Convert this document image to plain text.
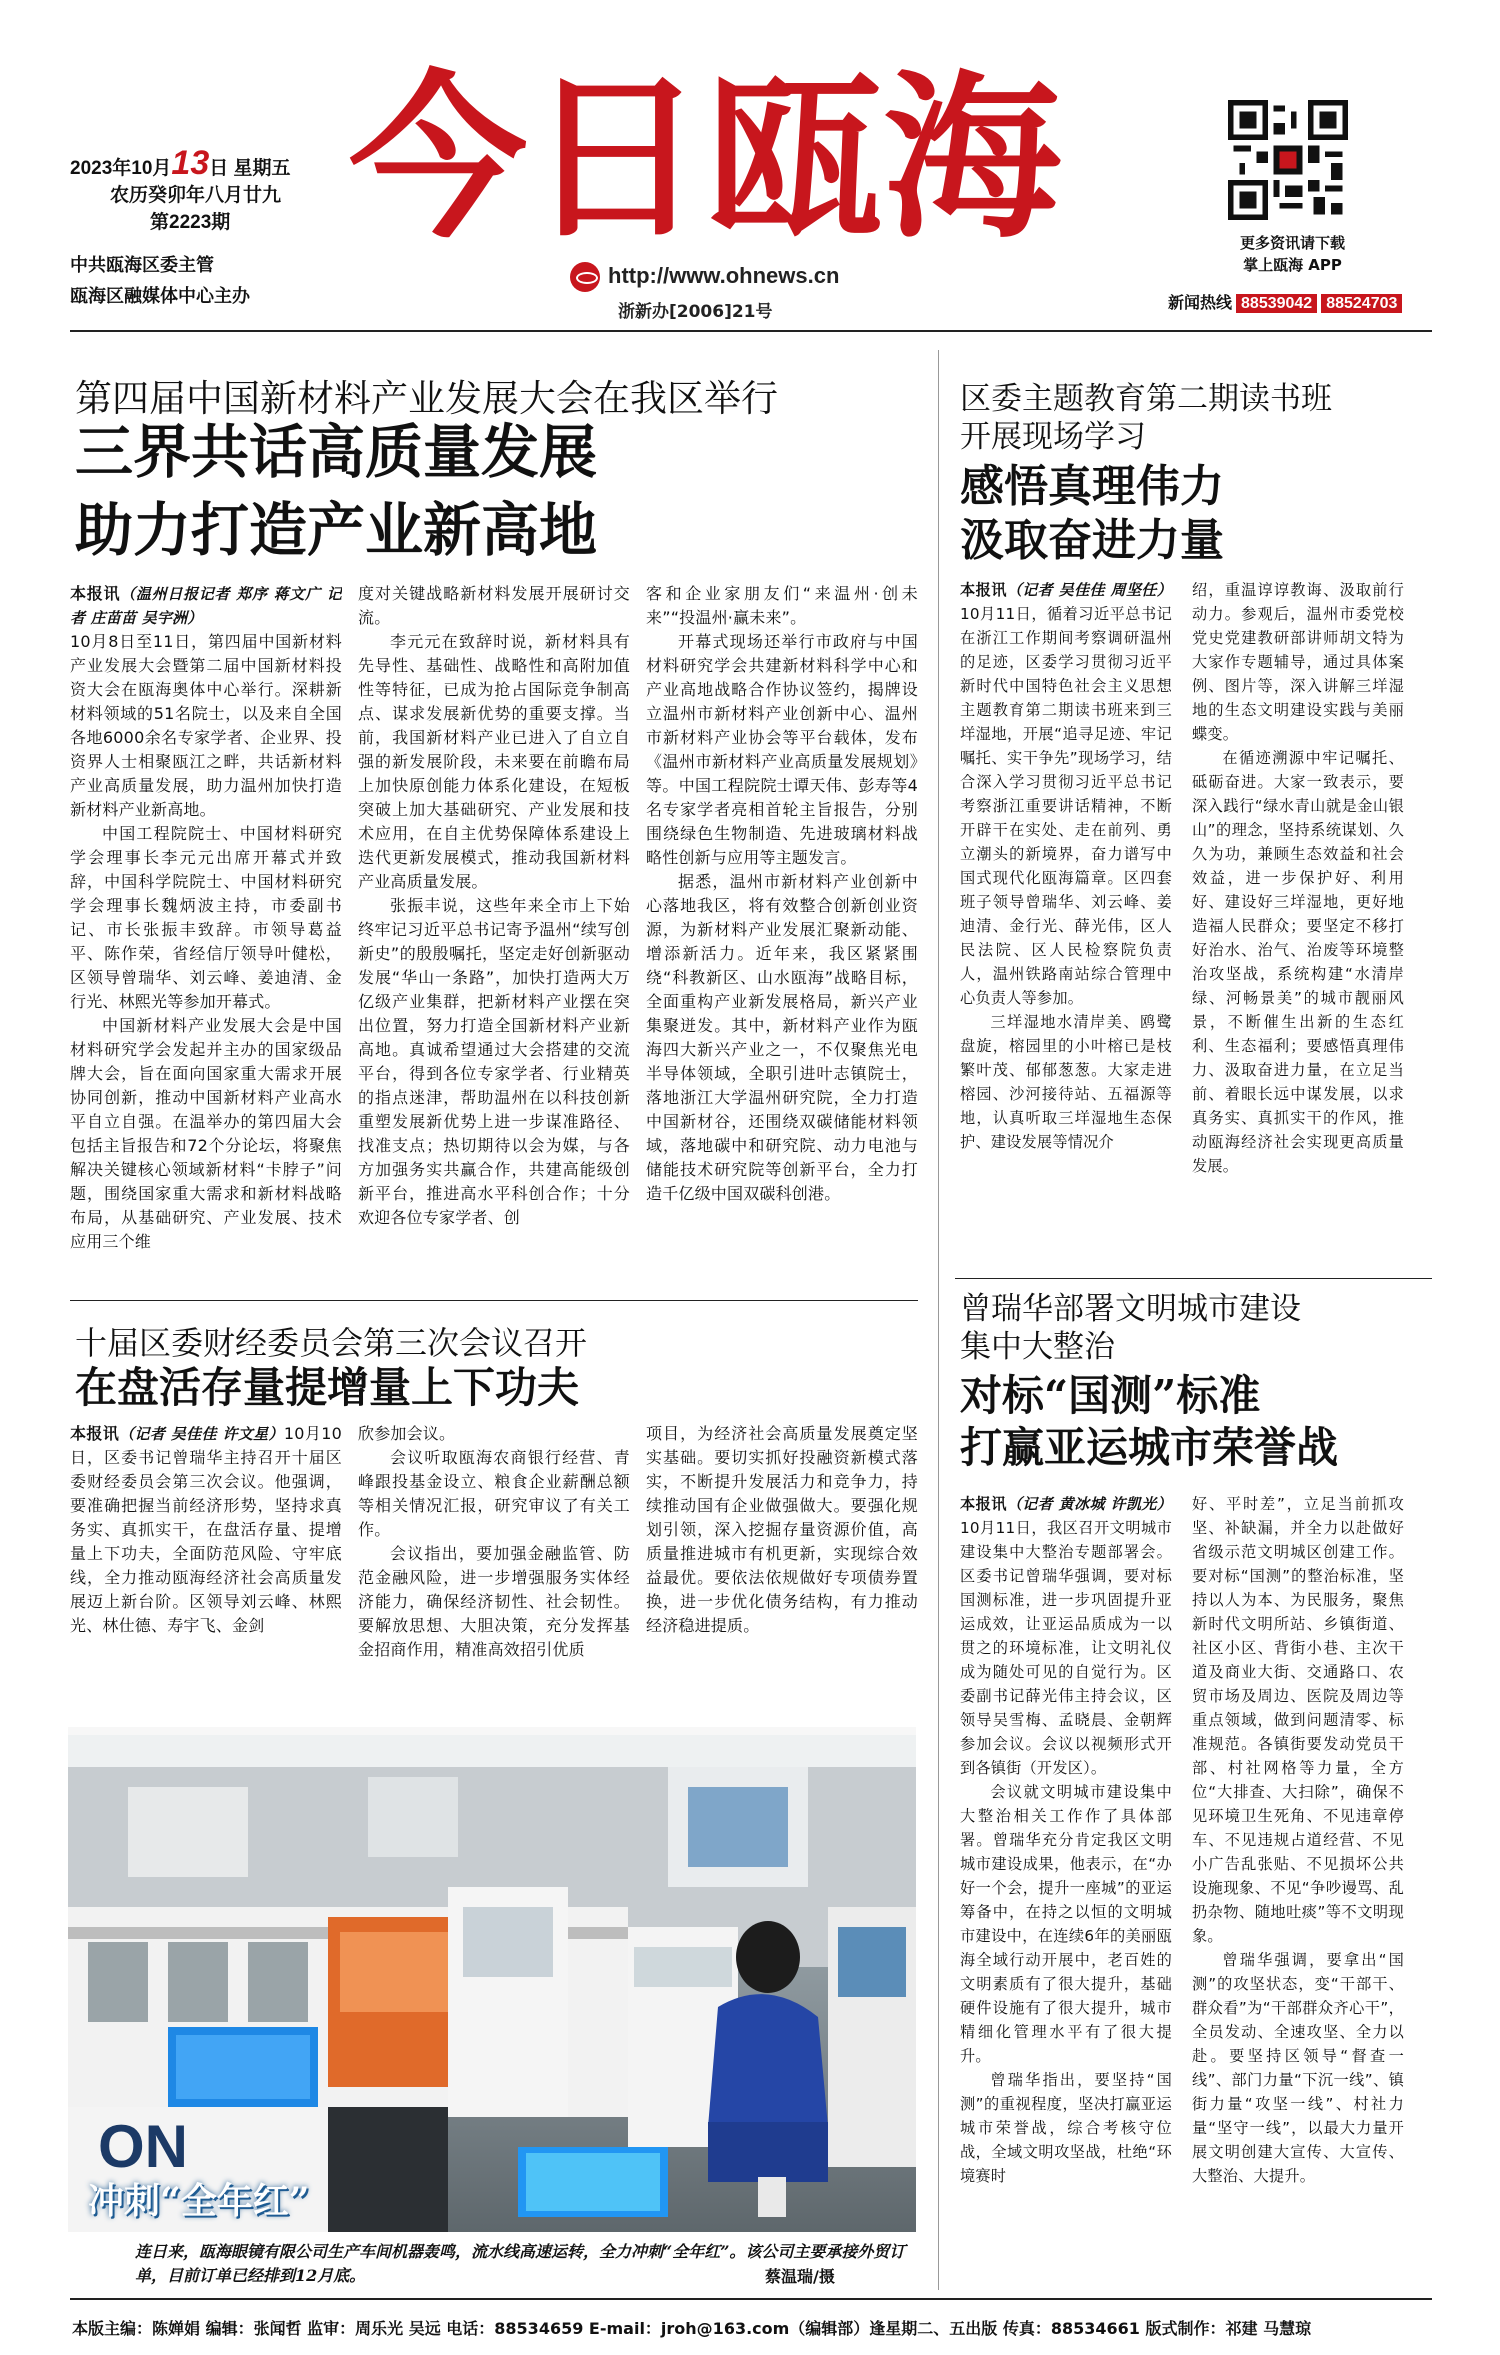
2023年10月13日 星期五
农历癸卯年八月廿九
第2223期
中共瓯海区委主管
瓯海区融媒体中心主办
今日瓯海
http://www.ohnews.cn
浙新办[2006]21号
更多资讯请下载
掌上瓯海 APP
新闻热线 88539042 88524703
第四届中国新材料产业发展大会在我区举行
三界共话高质量发展
助力打造产业新高地

本报讯（温州日报记者 郑序 蒋文广 记者 庄苗苗 吴宇洲）

10月8日至11日，第四届中国新材料产业发展大会暨第二届中国新材料投资大会在瓯海奥体中心举行。深耕新材料领域的51名院士，以及来自全国各地6000余名专家学者、企业界、投资界人士相聚瓯江之畔，共话新材料产业高质量发展，助力温州加快打造新材料产业新高地。

中国工程院院士、中国材料研究学会理事长李元元出席开幕式并致辞，中国科学院院士、中国材料研究学会理事长魏炳波主持，市委副书记、市长张振丰致辞。市领导葛益平、陈作荣，省经信厅领导叶健松，区领导曾瑞华、刘云峰、姜迪清、金行光、林熙光等参加开幕式。

中国新材料产业发展大会是中国材料研究学会发起并主办的国家级品牌大会，旨在面向国家重大需求开展协同创新，推动中国新材料产业高水平自立自强。在温举办的第四届大会包括主旨报告和72个分论坛，将聚焦解决关键核心领域新材料“卡脖子”问题，围绕国家重大需求和新材料战略布局，从基础研究、产业发展、技术应用三个维

度对关键战略新材料发展开展研讨交流。

李元元在致辞时说，新材料具有先导性、基础性、战略性和高附加值性等特征，已成为抢占国际竞争制高点、谋求发展新优势的重要支撑。当前，我国新材料产业已进入了自立自强的新发展阶段，未来要在前瞻布局上加快原创能力体系化建设，在短板突破上加大基础研究、产业发展和技术应用，在自主优势保障体系建设上迭代更新发展模式，推动我国新材料产业高质量发展。

张振丰说，这些年来全市上下始终牢记习近平总书记寄予温州“续写创新史”的殷殷嘱托，坚定走好创新驱动发展“华山一条路”，加快打造两大万亿级产业集群，把新材料产业摆在突出位置，努力打造全国新材料产业新高地。真诚希望通过大会搭建的交流平台，得到各位专家学者、行业精英的指点迷津，帮助温州在以科技创新重塑发展新优势上进一步谋准路径、找准支点；热切期待以会为媒，与各方加强务实共赢合作，共建高能级创新平台，推进高水平科创合作；十分欢迎各位专家学者、创

客和企业家朋友们“来温州·创未来”“投温州·赢未来”。

开幕式现场还举行市政府与中国材料研究学会共建新材料科学中心和产业高地战略合作协议签约，揭牌设立温州市新材料产业创新中心、温州市新材料产业协会等平台载体，发布《温州市新材料产业高质量发展规划》等。中国工程院院士谭天伟、彭寿等4名专家学者亮相首轮主旨报告，分别围绕绿色生物制造、先进玻璃材料战略性创新与应用等主题发言。

据悉，温州市新材料产业创新中心落地我区，将有效整合创新创业资源，为新材料产业发展汇聚新动能、增添新活力。近年来，我区紧紧围绕“科教新区、山水瓯海”战略目标，全面重构产业新发展格局，新兴产业集聚迸发。其中，新材料产业作为瓯海四大新兴产业之一，不仅聚焦光电半导体领域，全职引进叶志镇院士，落地浙江大学温州研究院，全力打造中国新材谷，还围绕双碳储能材料领域，落地碳中和研究院、动力电池与储能技术研究院等创新平台，全力打造千亿级中国双碳科创港。

十届区委财经委员会第三次会议召开
在盘活存量提增量上下功夫

本报讯（记者 吴佳佳 许文星）10月10日，区委书记曾瑞华主持召开十届区委财经委员会第三次会议。他强调，要准确把握当前经济形势，坚持求真务实、真抓实干，在盘活存量、提增量上下功夫，全面防范风险、守牢底线，全力推动瓯海经济社会高质量发展迈上新台阶。区领导刘云峰、林熙光、林仕德、寿宇飞、金剑

欣参加会议。

会议听取瓯海农商银行经营、青峰跟投基金设立、粮食企业薪酬总额等相关情况汇报，研究审议了有关工作。

会议指出，要加强金融监管、防范金融风险，进一步增强服务实体经济能力，确保经济韧性、社会韧性。要解放思想、大胆决策，充分发挥基金招商作用，精准高效招引优质

项目，为经济社会高质量发展奠定坚实基础。要切实抓好投融资新模式落实，不断提升发展活力和竞争力，持续推动国有企业做强做大。要强化规划引领，深入挖掘存量资源价值，高质量推进城市有机更新，实现综合效益最优。要依法依规做好专项债券置换，进一步优化债务结构，有力推动经济稳进提质。

ON
冲刺“全年红”
连日来，瓯海眼镜有限公司生产车间机器轰鸣，流水线高速运转，全力冲刺“全年红”。该公司主要承接外贸订单，目前订单已经排到12月底。	蔡温瑞/摄
区委主题教育第二期读书班
开展现场学习
感悟真理伟力
汲取奋进力量

本报讯（记者 吴佳佳 周坚任）10月11日，循着习近平总书记在浙江工作期间考察调研温州的足迹，区委学习贯彻习近平新时代中国特色社会主义思想主题教育第二期读书班来到三垟湿地，开展“追寻足迹、牢记嘱托、实干争先”现场学习，结合深入学习贯彻习近平总书记考察浙江重要讲话精神，不断开辟干在实处、走在前列、勇立潮头的新境界，奋力谱写中国式现代化瓯海篇章。区四套班子领导曾瑞华、刘云峰、姜迪清、金行光、薛光伟，区人民法院、区人民检察院负责人，温州铁路南站综合管理中心负责人等参加。

三垟湿地水清岸美、鸥鹭盘旋，榕园里的小叶榕已是枝繁叶茂、郁郁葱葱。大家走进榕园、沙河接待站、五福源等地，认真听取三垟湿地生态保护、建设发展等情况介

绍，重温谆谆教诲、汲取前行动力。参观后，温州市委党校党史党建教研部讲师胡文特为大家作专题辅导，通过具体案例、图片等，深入讲解三垟湿地的生态文明建设实践与美丽蝶变。

在循迹溯源中牢记嘱托、砥砺奋进。大家一致表示，要深入践行“绿水青山就是金山银山”的理念，坚持系统谋划、久久为功，兼顾生态效益和社会效益，进一步保护好、利用好、建设好三垟湿地，更好地造福人民群众；要坚定不移打好治水、治气、治废等环境整治攻坚战，系统构建“水清岸绿、河畅景美”的城市靓丽风景，不断催生出新的生态红利、生态福利；要感悟真理伟力、汲取奋进力量，在立足当前、着眼长远中谋发展，以求真务实、真抓实干的作风，推动瓯海经济社会实现更高质量发展。

曾瑞华部署文明城市建设
集中大整治
对标“国测”标准
打赢亚运城市荣誉战

本报讯（记者 黄冰城 许凯光）10月11日，我区召开文明城市建设集中大整治专题部署会。区委书记曾瑞华强调，要对标国测标准，进一步巩固提升亚运成效，让亚运品质成为一以贯之的环境标准，让文明礼仪成为随处可见的自觉行为。区委副书记薛光伟主持会议，区领导吴雪梅、孟晓晨、金朝辉参加会议。会议以视频形式开到各镇街（开发区）。

会议就文明城市建设集中大整治相关工作作了具体部署。曾瑞华充分肯定我区文明城市建设成果，他表示，在“办好一个会，提升一座城”的亚运筹备中，在持之以恒的文明城市建设中，在连续6年的美丽瓯海全域行动开展中，老百姓的文明素质有了很大提升，基础硬件设施有了很大提升，城市精细化管理水平有了很大提升。

曾瑞华指出，要坚持“国测”的重视程度，坚决打赢亚运城市荣誉战，综合考核守位战，全域文明攻坚战，杜绝“环境赛时

好、平时差”，立足当前抓攻坚、补缺漏，并全力以赴做好省级示范文明城区创建工作。要对标“国测”的整治标准，坚持以人为本、为民服务，聚焦新时代文明所站、乡镇街道、社区小区、背街小巷、主次干道及商业大街、交通路口、农贸市场及周边、医院及周边等重点领域，做到问题清零、标准规范。各镇街要发动党员干部、村社网格等力量，全方位“大排查、大扫除”，确保不见环境卫生死角、不见违章停车、不见违规占道经营、不见小广告乱张贴、不见损坏公共设施现象、不见“争吵谩骂、乱扔杂物、随地吐痰”等不文明现象。

曾瑞华强调，要拿出“国测”的攻坚状态，变“干部干、群众看”为“干部群众齐心干”，全员发动、全速攻坚、全力以赴。要坚持区领导“督查一线”、部门力量“下沉一线”、镇街力量“攻坚一线”、村社力量“坚守一线”，以最大力量开展文明创建大宣传、大宣传、大整治、大提升。

本版主编：陈婵娟 编辑：张闻哲 监审：周乐光 吴远 电话：88534659 E-mail：jroh@163.com（编辑部）逢星期二、五出版 传真：88534661 版式制作：祁建 马慧琼
